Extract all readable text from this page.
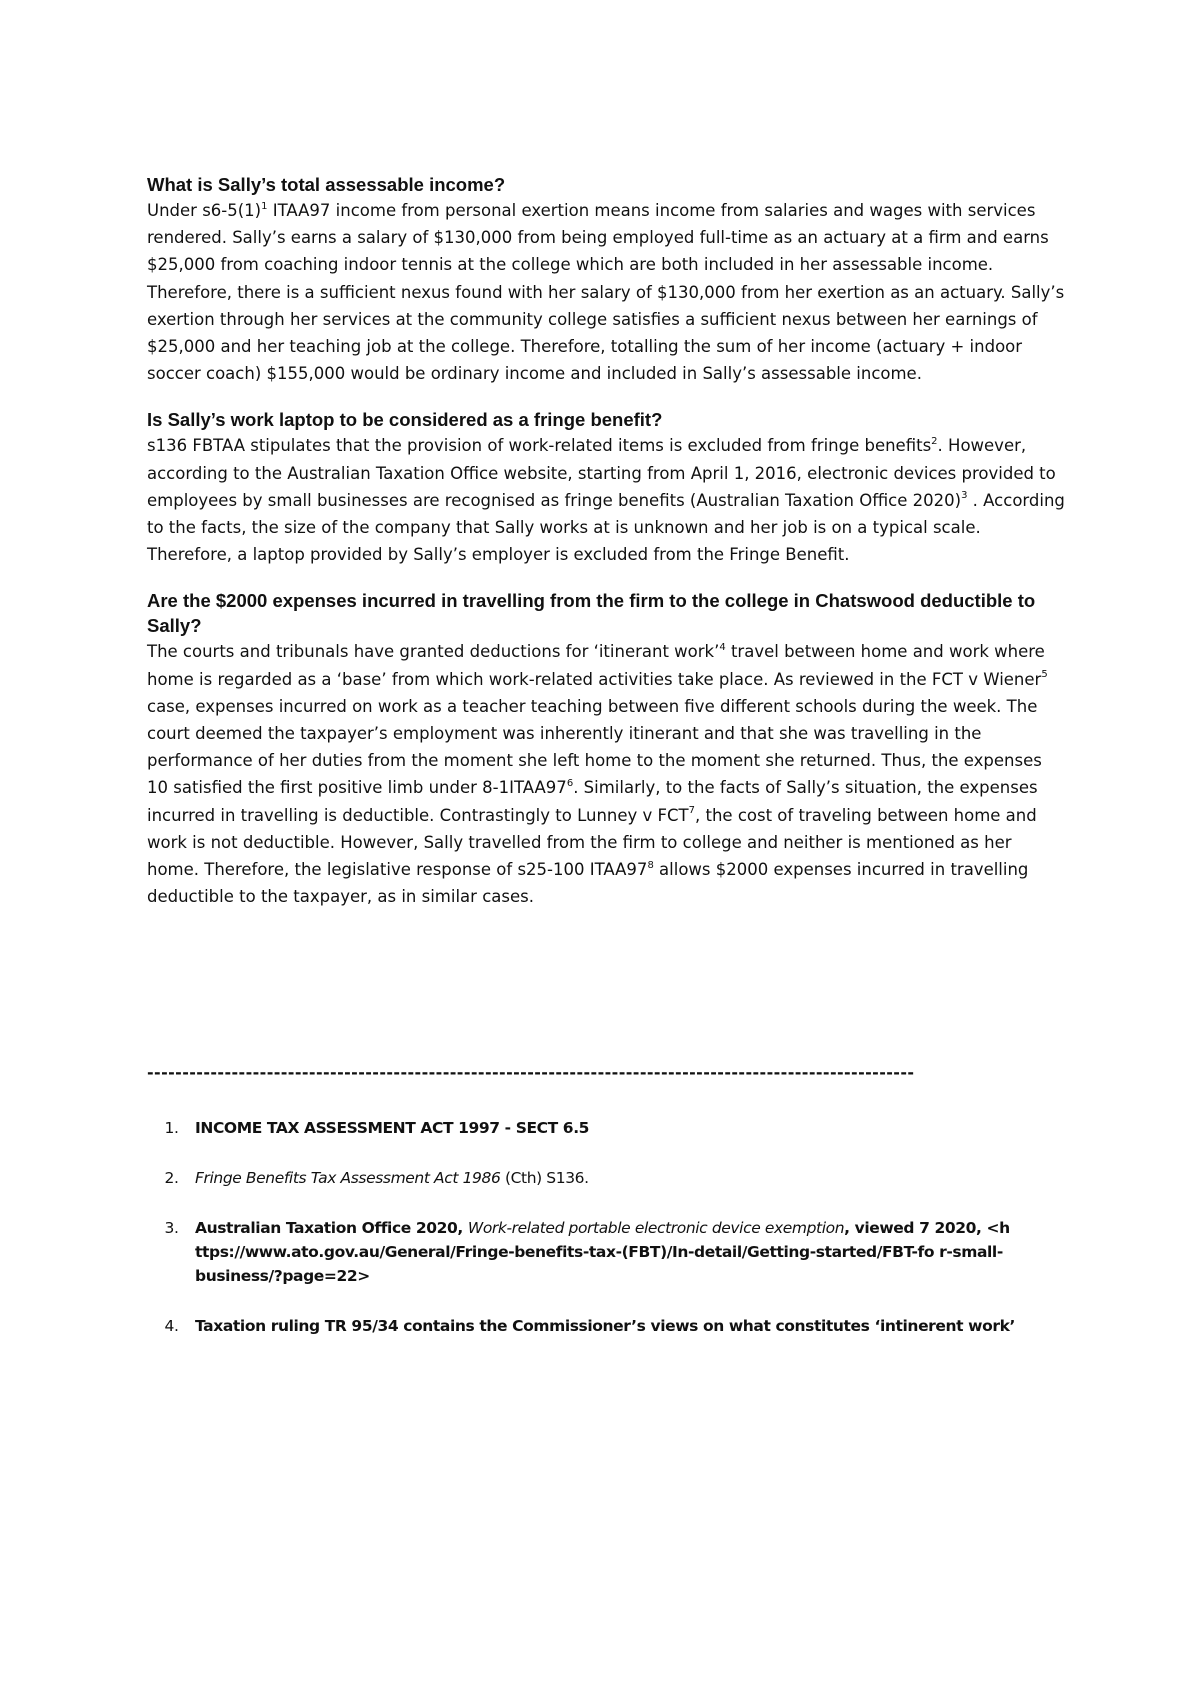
What is Sally’s total assessable income?

Under $s6-5(1)^1$ ITAA97 income from personal exertion means income from salaries and wages with services rendered. Sally’s earns a salary of $130,000 from being employed full-time as an actuary at a firm and earns $25,000 from coaching indoor tennis at the college which are both included in her assessable income. Therefore, there is a sufficient nexus found with her salary of $130,000 from her exertion as an actuary. Sally’s exertion through her services at the community college satisfies a sufficient nexus between her earnings of $25,000 and her teaching job at the college. Therefore, totalling the sum of her income (actuary + indoor soccer coach) $155,000 would be ordinary income and included in Sally’s assessable income.

Is Sally’s work laptop to be considered as a fringe benefit?

s136 FBTAA stipulates that the provision of work-related items is excluded from fringe benefits$^2$. However, according to the Australian Taxation Office website, starting from April 1, 2016, electronic devices provided to employees by small businesses are recognised as fringe benefits (Australian Taxation Office 2020)$^3$ . According to the facts, the size of the company that Sally works at is unknown and her job is on a typical scale. Therefore, a laptop provided by Sally’s employer is excluded from the Fringe Benefit.

Are the $2000 expenses incurred in travelling from the firm to the college in Chatswood deductible to Sally?

The courts and tribunals have granted deductions for ‘itinerant work’$^4$ travel between home and work where home is regarded as a ‘base’ from which work-related activities take place. As reviewed in the FCT v Wiener$^5$ case, expenses incurred on work as a teacher teaching between five different schools during the week. The court deemed the taxpayer’s employment was inherently itinerant and that she was travelling in the performance of her duties from the moment she left home to the moment she returned. Thus, the expenses 10 satisfied the first positive limb under $8-1ITAA97^6$. Similarly, to the facts of Sally’s situation, the expenses incurred in travelling is deductible. Contrastingly to Lunney v FCT$^7$, the cost of traveling between home and work is not deductible. However, Sally travelled from the firm to college and neither is mentioned as her home. Therefore, the legislative response of s25-100 $ITAA97^8$ allows $2000 expenses incurred in travelling deductible to the taxpayer, as in similar cases.

-------------------------------------------------------------------------------------------------------------
1. INCOME TAX ASSESSMENT ACT 1997 - SECT 6.5
2. Fringe Benefits Tax Assessment Act 1986 (Cth) S136.
3. Australian Taxation Office 2020, Work-related portable electronic device exemption, viewed 7 2020, <h ttps://www.ato.gov.au/General/Fringe-benefits-tax-(FBT)/In-detail/Getting-started/FBT-fo r-small-business/?page=22>
4. Taxation ruling TR 95/34 contains the Commissioner’s views on what constitutes ‘intinerent work’
